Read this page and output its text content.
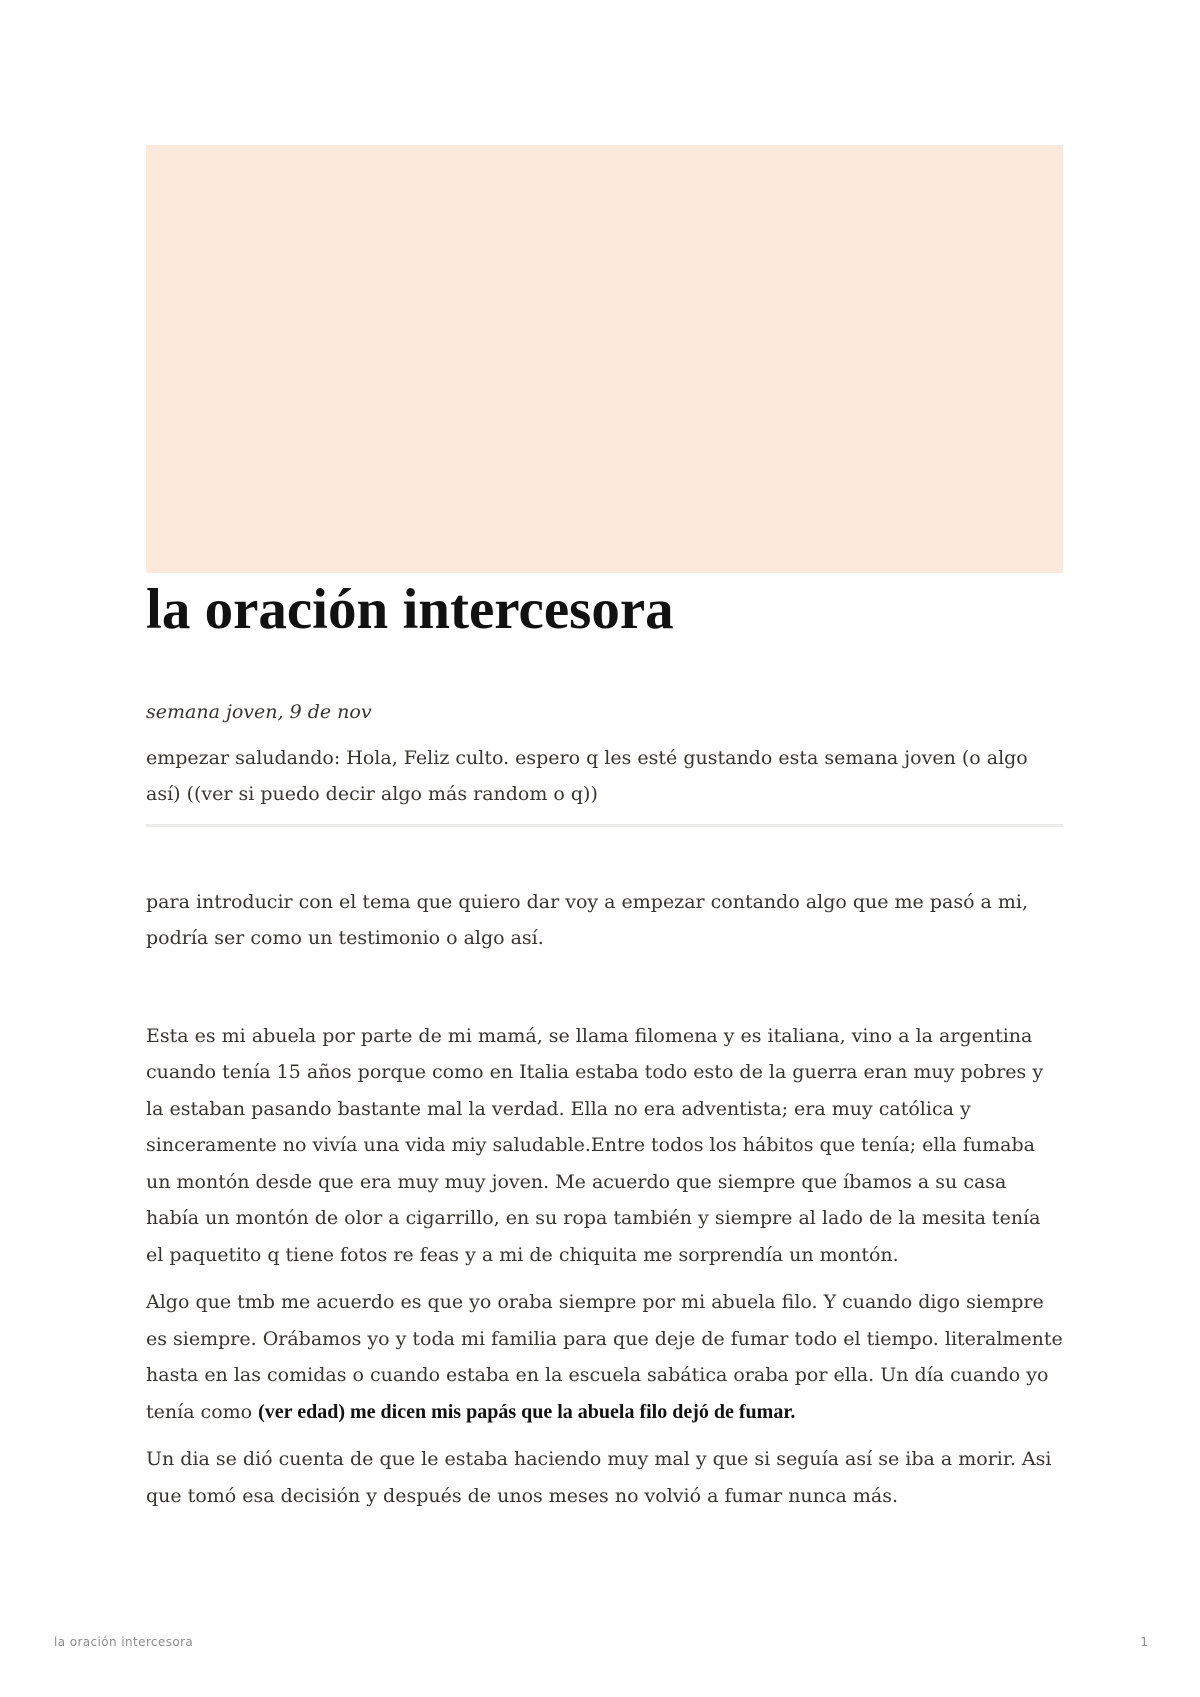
la oración intercesora

semana joven, 9 de nov

empezar saludando: Hola, Feliz culto. espero q les esté gustando esta semana joven (o algo así) ((ver si puedo decir algo más random o q))

para introducir con el tema que quiero dar voy a empezar contando algo que me pasó a mi, podría ser como un testimonio o algo así.

Esta es mi abuela por parte de mi mamá, se llama filomena y es italiana, vino a la argentina cuando tenía 15 años porque como en Italia estaba todo esto de la guerra eran muy pobres y la estaban pasando bastante mal la verdad. Ella no era adventista; era muy católica y sinceramente no vivía una vida miy saludable.Entre todos los hábitos que tenía; ella fumaba un montón desde que era muy muy joven. Me acuerdo que siempre que íbamos a su casa había un montón de olor a cigarrillo, en su ropa también y siempre al lado de la mesita tenía el paquetito q tiene fotos re feas y a mi de chiquita me sorprendía un montón.

Algo que tmb me acuerdo es que yo oraba siempre por mi abuela filo. Y cuando digo siempre es siempre. Orábamos yo y toda mi familia para que deje de fumar todo el tiempo. literalmente hasta en las comidas o cuando estaba en la escuela sabática oraba por ella. Un día cuando yo tenía como (ver edad) me dicen mis papás que la abuela filo dejó de fumar.

Un dia se dió cuenta de que le estaba haciendo muy mal y que si seguía así se iba a morir. Asi que tomó esa decisión y después de unos meses no volvió a fumar nunca más.

la oración intercesora	1
